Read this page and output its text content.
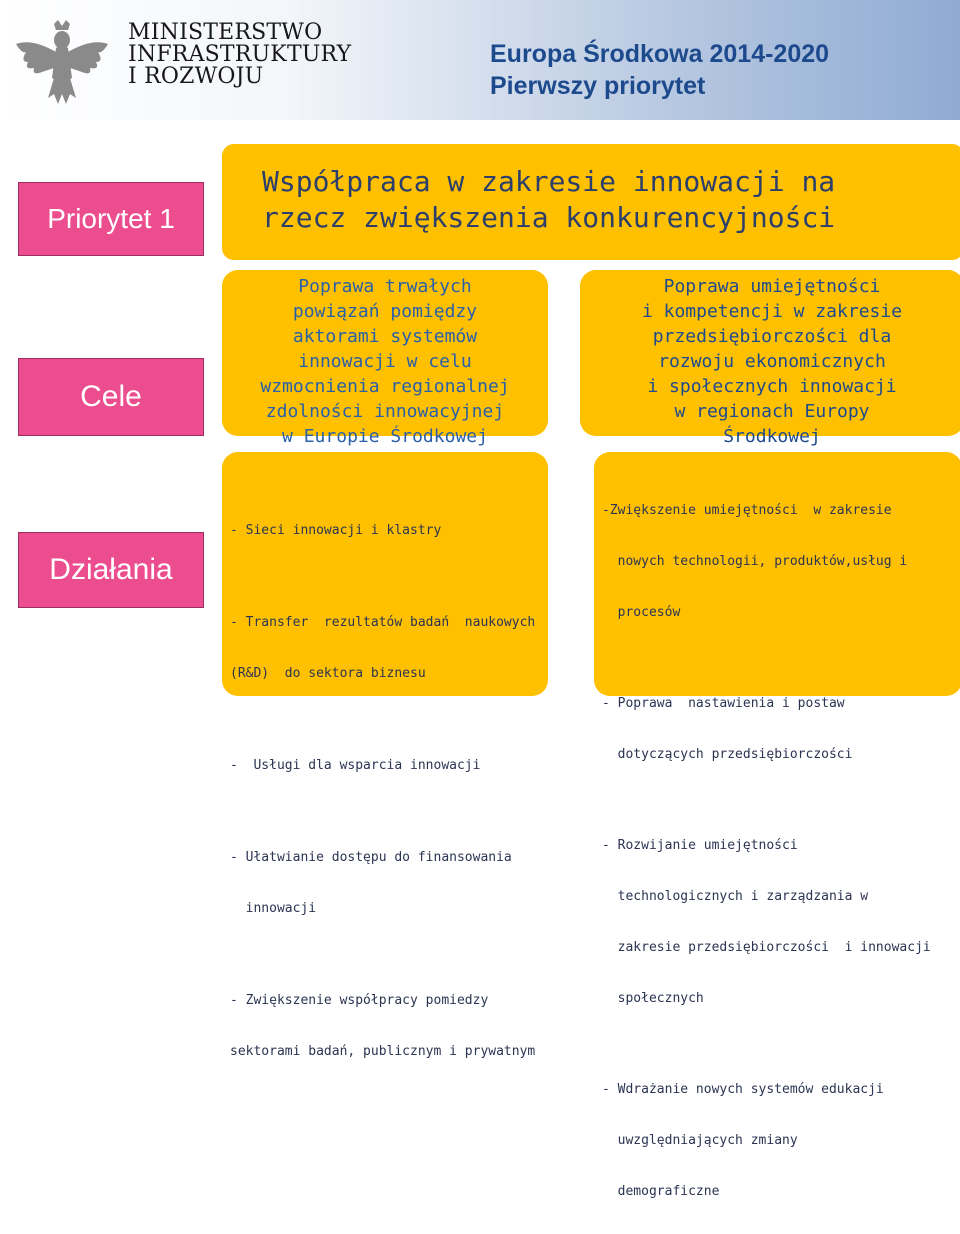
MINISTERSTWO
INFRASTRUKTURY
I ROZWOJU
Europa Środkowa 2014-2020
Pierwszy priorytet
Priorytet 1
Cele
Działania
Współpraca w zakresie innowacji na
rzecz zwiększenia konkurencyjności
Poprawa trwałych
powiązań pomiędzy
aktorami systemów
innowacji w celu
wzmocnienia regionalnej
zdolności innowacyjnej
w Europie Środkowej
Poprawa umiejętności
i kompetencji w zakresie
przedsiębiorczości dla
rozwoju ekonomicznych
i społecznych innowacji
w regionach Europy
Środkowej

- Sieci innowacji i klastry

- Transfer  rezultatów badań  naukowych

(R&D)  do sektora biznesu

-  Usługi dla wsparcia innowacji

- Ułatwianie dostępu do finansowania

innowacji

- Zwiększenie współpracy pomiedzy

sektorami badań, publicznym i prywatnym

-Zwiększenie umiejętności  w zakresie

nowych technologii, produktów,usług i

procesów

- Poprawa  nastawienia i postaw

dotyczących przedsiębiorczości

- Rozwijanie umiejętności

technologicznych i zarządzania w

zakresie przedsiębiorczości  i innowacji

społecznych

- Wdrażanie nowych systemów edukacji

uwzględniających zmiany

demograficzne
